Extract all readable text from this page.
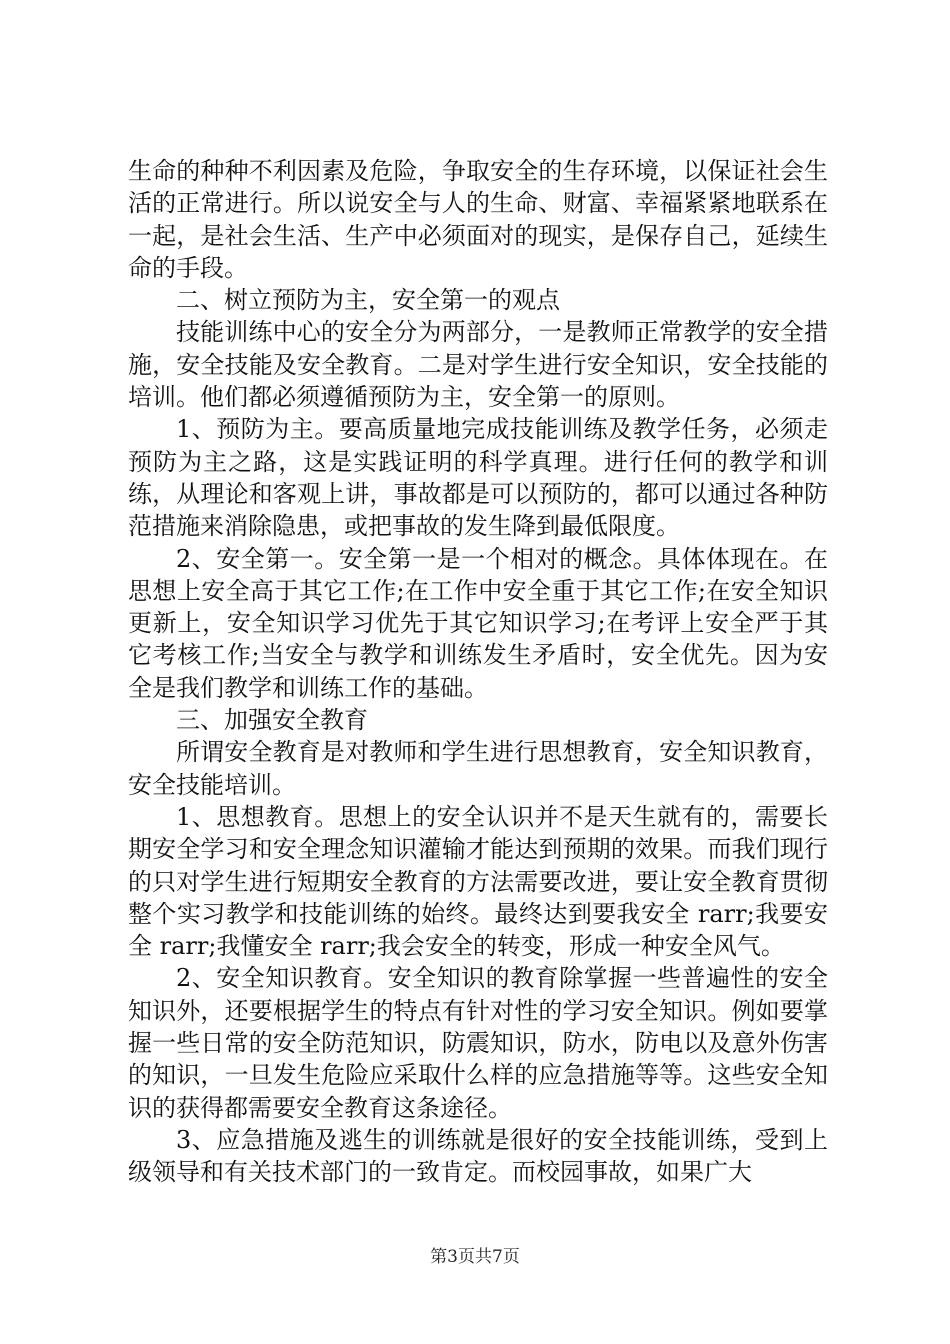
生命的种种不利因素及危险，争取安全的生存环境，以保证社会生活的正常进行。所以说安全与人的生命、财富、幸福紧紧地联系在一起，是社会生活、生产中必须面对的现实，是保存自己，延续生命的手段。

二、树立预防为主，安全第一的观点

技能训练中心的安全分为两部分，一是教师正常教学的安全措施，安全技能及安全教育。二是对学生进行安全知识，安全技能的培训。他们都必须遵循预防为主，安全第一的原则。

1、预防为主。要高质量地完成技能训练及教学任务，必须走预防为主之路，这是实践证明的科学真理。进行任何的教学和训练，从理论和客观上讲，事故都是可以预防的，都可以通过各种防范措施来消除隐患，或把事故的发生降到最低限度。

2、安全第一。安全第一是一个相对的概念。具体体现在。在思想上安全高于其它工作;在工作中安全重于其它工作;在安全知识更新上，安全知识学习优先于其它知识学习;在考评上安全严于其它考核工作;当安全与教学和训练发生矛盾时，安全优先。因为安全是我们教学和训练工作的基础。

三、加强安全教育

所谓安全教育是对教师和学生进行思想教育，安全知识教育，安全技能培训。

1、思想教育。思想上的安全认识并不是天生就有的，需要长期安全学习和安全理念知识灌输才能达到预期的效果。而我们现行的只对学生进行短期安全教育的方法需要改进，要让安全教育贯彻整个实习教学和技能训练的始终。最终达到要我安全 rarr;我要安全 rarr;我懂安全 rarr;我会安全的转变，形成一种安全风气。

2、安全知识教育。安全知识的教育除掌握一些普遍性的安全知识外，还要根据学生的特点有针对性的学习安全知识。例如要掌握一些日常的安全防范知识，防震知识，防水，防电以及意外伤害的知识，一旦发生危险应采取什么样的应急措施等等。这些安全知识的获得都需要安全教育这条途径。

3、应急措施及逃生的训练就是很好的安全技能训练，受到上级领导和有关技术部门的一致肯定。而校园事故，如果广大

第3页共7页
